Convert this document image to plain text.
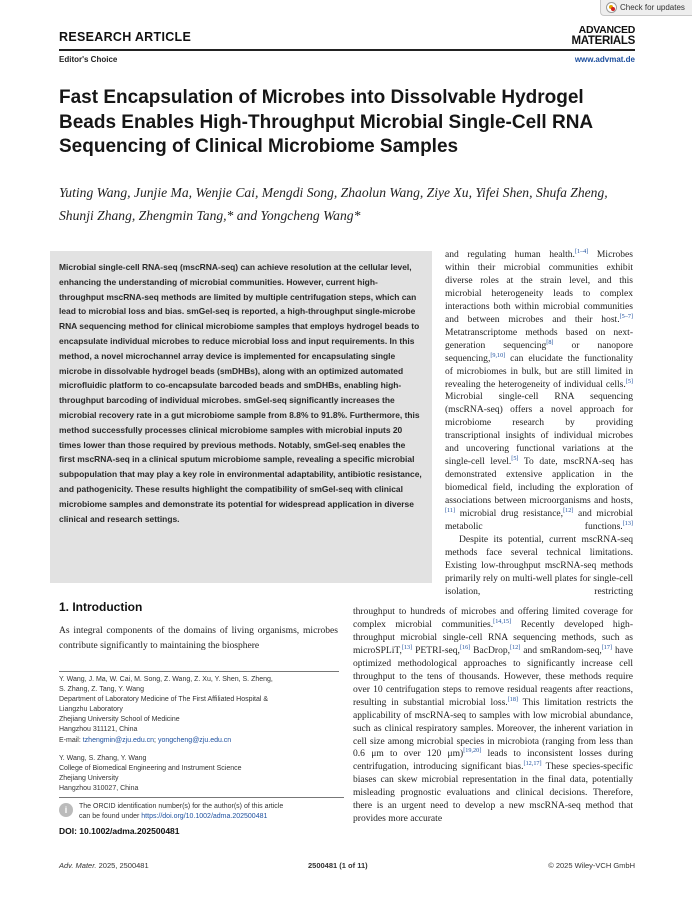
Check for updates
RESEARCH ARTICLE	ADVANCED
MATERIALS
Editor's Choice	www.advmat.de
Fast Encapsulation of Microbes into Dissolvable Hydrogel Beads Enables High-Throughput Microbial Single-Cell RNA Sequencing of Clinical Microbiome Samples
Yuting Wang, Junjie Ma, Wenjie Cai, Mengdi Song, Zhaolun Wang, Ziye Xu, Yifei Shen, Shufa Zheng, Shunji Zhang, Zhengmin Tang,* and Yongcheng Wang*
Microbial single-cell RNA-seq (mscRNA-seq) can achieve resolution at the cellular level, enhancing the understanding of microbial communities. However, current high-throughput mscRNA-seq methods are limited by multiple centrifugation steps, which can lead to microbial loss and bias. smGel-seq is reported, a high-throughput single-microbe RNA sequencing method for clinical microbiome samples that employs hydrogel beads to encapsulate individual microbes to reduce microbial loss and input requirements. In this method, a novel microchannel array device is implemented for encapsulating single microbe in dissolvable hydrogel beads (smDHBs), along with an optimized automated microfluidic platform to co-encapsulate barcoded beads and smDHBs, enabling high-throughput barcoding of individual microbes. smGel-seq significantly increases the microbial recovery rate in a gut microbiome sample from 8.8% to 91.8%. Furthermore, this method successfully processes clinical microbiome samples with microbial inputs 20 times lower than those required by previous methods. Notably, smGel-seq enables the first mscRNA-seq in a clinical sputum microbiome sample, revealing a specific microbial subpopulation that may play a key role in environmental adaptability, antibiotic resistance, and pathogenicity. These results highlight the compatibility of smGel-seq with clinical microbiome samples and demonstrate its potential for widespread application in diverse clinical and research settings.
1. Introduction

As integral components of the domains of living organisms, microbes contribute significantly to maintaining the biosphere

Y. Wang, J. Ma, W. Cai, M. Song, Z. Wang, Z. Xu, Y. Shen, S. Zheng,
S. Zhang, Z. Tang, Y. Wang
Department of Laboratory Medicine of The First Affiliated Hospital &
Liangzhu Laboratory
Zhejiang University School of Medicine
Hangzhou 311121, China
E-mail: tzhengmin@zju.edu.cn; yongcheng@zju.edu.cn
Y. Wang, S. Zhang, Y. Wang
College of Biomedical Engineering and Instrument Science
Zhejiang University
Hangzhou 310027, China
i
The ORCID identification number(s) for the author(s) of this article
can be found under https://doi.org/10.1002/adma.202500481
DOI: 10.1002/adma.202500481

and regulating human health.[1–4] Microbes within their microbial communities exhibit diverse roles at the strain level, and this microbial heterogeneity leads to complex interactions both within microbial communities and between microbes and their host.[5–7] Metatranscriptome methods based on next-generation sequencing[8] or nanopore sequencing,[9,10] can elucidate the functionality of microbiomes in bulk, but are still limited in revealing the heterogeneity of individual cells.[5] Microbial single-cell RNA sequencing (mscRNA-seq) offers a novel approach for microbiome research by providing transcriptional insights of individual microbes and uncovering functional variations at the single-cell level.[5] To date, mscRNA-seq has demonstrated extensive application in the biomedical field, including the exploration of associations between microorganisms and hosts,[11] microbial drug resistance,[12] and microbial metabolic functions.[13]

Despite its potential, current mscRNA-seq methods face several technical limitations. Existing low-throughput mscRNA-seq methods primarily rely on multi-well plates for single-cell isolation, restricting

throughput to hundreds of microbes and offering limited coverage for complex microbial communities.[14,15] Recently developed high-throughput microbial single-cell RNA sequencing methods, such as microSPLiT,[13] PETRI-seq,[16] BacDrop,[12] and smRandom-seq,[17] have optimized methodological approaches to significantly increase cell throughput to the tens of thousands. However, these methods require over 10 centrifugation steps to remove residual reagents after reactions, resulting in substantial microbial loss.[18] This limitation restricts the applicability of mscRNA-seq to samples with low microbial abundance, such as clinical respiratory samples. Moreover, the inherent variation in cell size among microbial species in microbiota (ranging from less than 0.6 μm to over 120 μm)[19,20] leads to inconsistent losses during centrifugation, introducing significant bias.[12,17] These species-specific biases can skew microbial representation in the final data, potentially misleading prognostic evaluations and clinical decisions. Therefore, there is an urgent need to develop a new mscRNA-seq method that provides more accurate
Adv. Mater. 2025, 2500481	2500481 (1 of 11)	© 2025 Wiley-VCH GmbH
